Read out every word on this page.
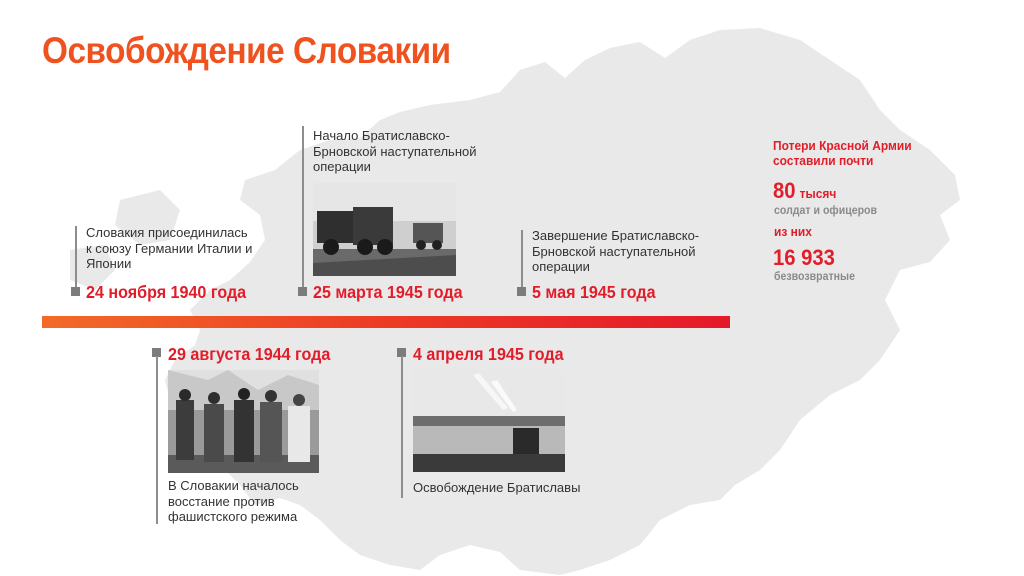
Освобождение Словакии
Словакия присоединилась к союзу Германии Италии и Японии
24 ноября 1940 года
Начало Братиславско-Брновской наступательной операции
25 марта 1945 года
Завершение Братиславско-Брновской наступательной операции
5 мая 1945 года
29 августа 1944 года
В Словакии началось восстание против фашистского режима
4 апреля 1945 года
Освобождение Братиславы
Потери Красной Армии составили почти
80 тысяч
солдат и офицеров
из них
16 933
безвозвратные
